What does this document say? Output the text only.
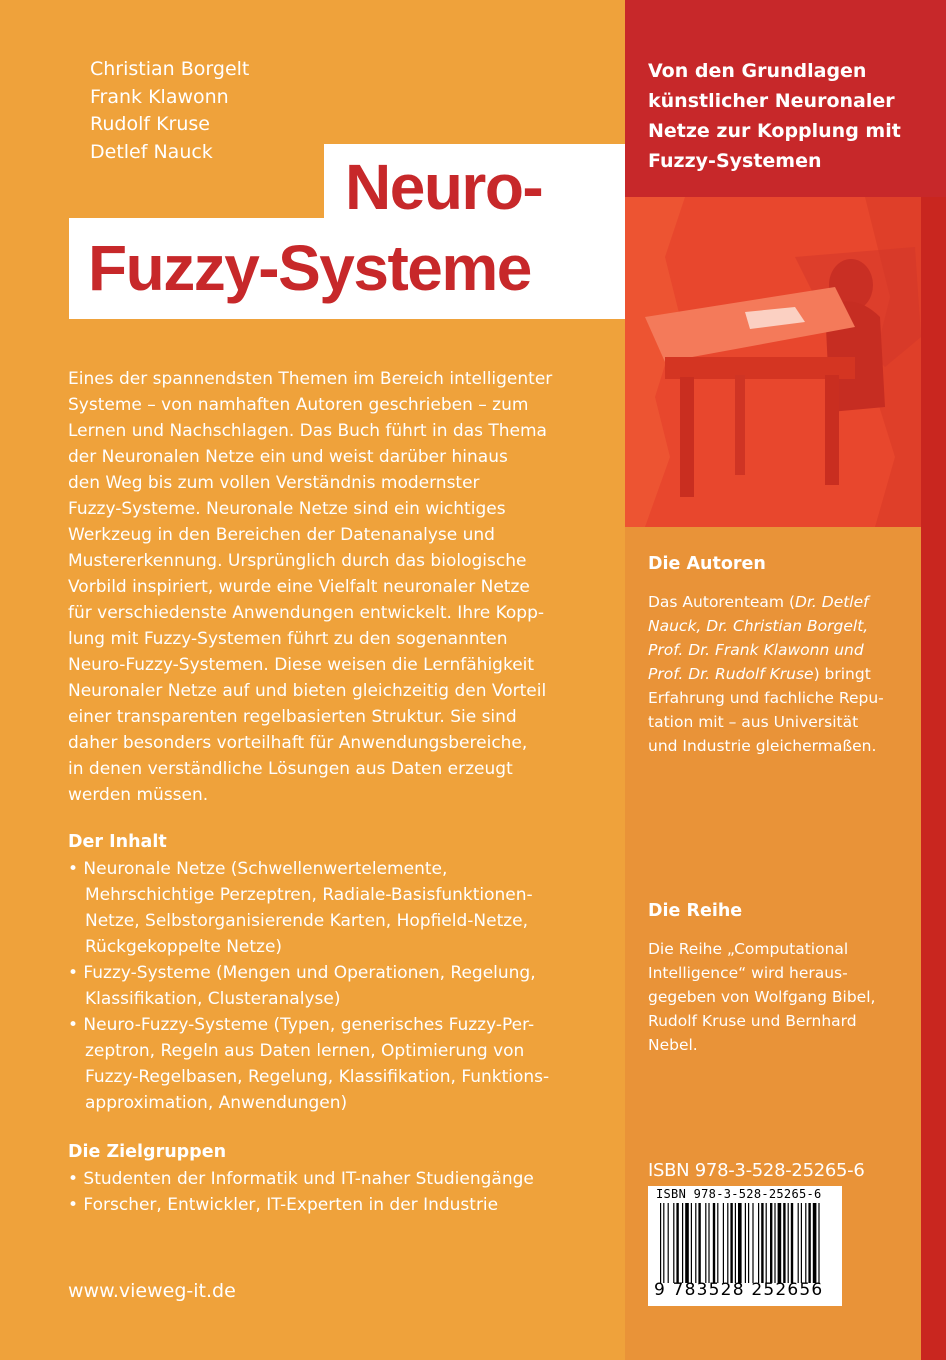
Von den Grundlagen
künstlicher Neuronaler
Netze zur Kopplung mit
Fuzzy-Systemen
Christian Borgelt
Frank Klawonn
Rudolf Kruse
Detlef Nauck	Neuro-
Fuzzy-Systeme
Eines der spannendsten Themen im Bereich intelligenter
Systeme – von namhaften Autoren geschrieben – zum
Lernen und Nachschlagen. Das Buch führt in das Thema
der Neuronalen Netze ein und weist darüber hinaus
den Weg bis zum vollen Verständnis modernster
Fuzzy-Systeme. Neuronale Netze sind ein wichtiges
Werkzeug in den Bereichen der Datenanalyse und
Mustererkennung. Ursprünglich durch das biologische
Vorbild inspiriert, wurde eine Vielfalt neuronaler Netze
für verschiedenste Anwendungen entwickelt. Ihre Kopp-
lung mit Fuzzy-Systemen führt zu den sogenannten
Neuro-Fuzzy-Systemen. Diese weisen die Lernfähigkeit
Neuronaler Netze auf und bieten gleichzeitig den Vorteil
einer transparenten regelbasierten Struktur. Sie sind
daher besonders vorteilhaft für Anwendungsbereiche,
in denen verständliche Lösungen aus Daten erzeugt
werden müssen.
Der Inhalt
• Neuronale Netze (Schwellenwertelemente,
Mehrschichtige Perzeptren, Radiale-Basisfunktionen-
Netze, Selbstorganisierende Karten, Hopfield-Netze,
Rückgekoppelte Netze)
• Fuzzy-Systeme (Mengen und Operationen, Regelung,
Klassifikation, Clusteranalyse)
• Neuro-Fuzzy-Systeme (Typen, generisches Fuzzy-Per-
zeptron, Regeln aus Daten lernen, Optimierung von
Fuzzy-Regelbasen, Regelung, Klassifikation, Funktions-
approximation, Anwendungen)
Die Zielgruppen
• Studenten der Informatik und IT-naher Studiengänge
• Forscher, Entwickler, IT-Experten in der Industrie
Die Autoren
Das Autorenteam (Dr. Detlef
Nauck, Dr. Christian Borgelt,
Prof. Dr. Frank Klawonn und
Prof. Dr. Rudolf Kruse) bringt
Erfahrung und fachliche Repu-
tation mit – aus Universität
und Industrie gleichermaßen.
Die Reihe
Die Reihe „Computational
Intelligence“ wird heraus-
gegeben von Wolfgang Bibel,
Rudolf Kruse und Bernhard
Nebel.
ISBN 978-3-528-25265-6
ISBN 978-3-528-25265-6
9 783528 252656
www.vieweg-it.de
